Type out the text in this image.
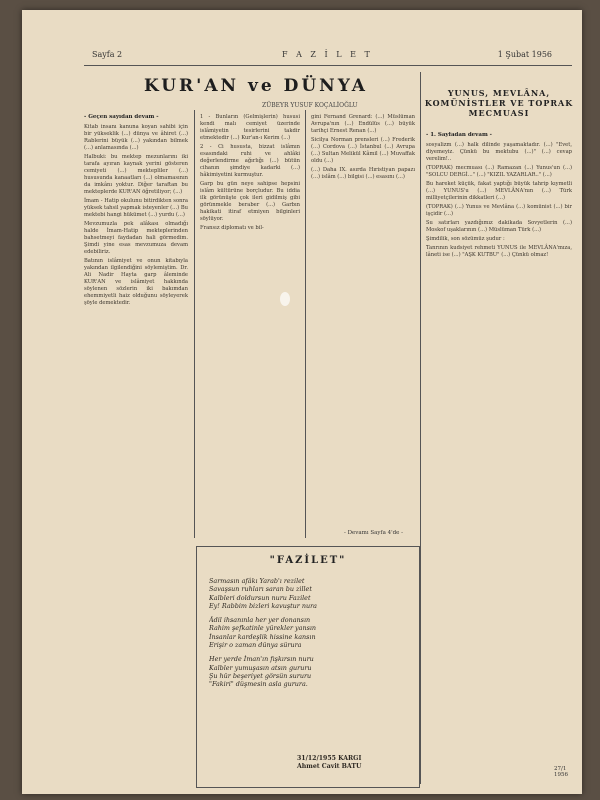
Sayfa 2	F A Z İ L E T	1 Şubat 1956
KUR'AN ve DÜNYA
ZÜBEYR YUSUF KOÇALİOĞLU
- Geçen sayıdan devam -

Kitab insanı kanuna koyan sahibi için bir yükseklik (...) dünya ve âhiret (...) Rablerini büyük (...) yakından bilmek (...) anlamasında (...)

Halbuki: bu mektep mezunlarını iki tarafa ayıran kaynak yerini gösteren cemiyeti (...) mektepliler (...) hususunda kanaatları (...) olmamasının da imkânı yoktur. Diğer taraftan bu mekteplerde KUR'AN öğretiliyor; (...)

İmam - Hatip okulunu bitirdikten sonra yüksek tahsil yapmak isteyenler (...) Bu mektebi hangi hükümet (...) yurdu (...)

Mevzumuzla pek alâkası olmadığı halde İmam-Hatip mekteplerinden bahsetmeyi faydadan hali görmedim. Şimdi yine esas mevzumuza devam edebiliriz.

Batının islâmiyet ve onun kitabıyla yakından ilgilendiğini söylemiştim. Dr. Ali Nadir Hayta garp âleminde KUR'AN ve islâmiyet hakkında söylenen sözlerin iki bakımdan ehemmiyetli haiz olduğunu söyleyerek şöyle demektedir.

1 - Bunların (Gelmişlerin) hususi kendi malı cemiyet üzerinde islâmiyetin tesirlerini takdir etmektedir (...) Kur'an-ı Kerim (...)

2 - Ci hususta, bizzat islâmın esasındaki ruhi ve ahlâki değerlendirme ağırlığı (...) bütün cihanın şimdiye kadarki (...) hâkimiyetini kurmuştur.

Garp bu gün neye sahipse hepsini islâm kültürüne borçludur. Bu iddia ilk görünüşte çok ileri gidilmiş gibi görünmekle beraber (...) Garbın hakikati itiraf etmiyen bilginleri söylüyor.

Fransız diplomatı ve bil-

gini Fernand Grenard: (...) Müslüman Avrupa'nın (...) Endülüs (...) büyük tarihçi Ernest Renan (...)

Sicilya Norman prensleri (...) Frederik (...) Cordova (...) İstanbul (...) Avrupa (...) Sultan Melikül Kâmil (...) Muvaffak oldu (...)

(...) Daha IX. asırda Hıristiyan papazı (...) islâm (...) bilgisi (...) esasını (...)

- Devamı Sayfa 4'de -
YUNUS, MEVLÂNA, KOMÜNİSTLER VE TOPRAK MECMUASI
- 1. Sayfadan devam -

sosyalizm (...) halk dilinde yaşamaktadır. (...) "Evet, diyemeyiz. Çünkü bu mektubu (...)" (...) cevap verelim!..

(TOPRAK) mecmuası (...) Ramazan (...) Yunus'un (...) "SOLCU DERGİ..." (...) "KIZIL YAZARLAR.." (...)

Bu hareket küçük, fakat yaptığı büyük tahrip kıymetli (...) YUNUS'u (...) MEVLÂNA'nın (...) Türk milliyetçilerinin dikkatleri (...)

(TOPRAK) (...) Yunus ve Mevlâna (...) komünist (...) bir işçidir (...)

Su satırları yazdığımız dakikada Sovyetlerin (...) Moskof uşaklarının (...) Müslüman Türk (...)

Şimdilik, son sözümüz şudur :

Tanrının kudsiyet rehmeti YUNUS ile MEVLÂNA'mıza, lâneti ise (...) "AŞK KUTBU" (...) Çünkü olmaz!

"FAZİLET"
Sarmasın afâkı Yarab'ı rezilet
Savaşsun ruhları saran bu zillet
Kalbleri doldursun nuru Fazilet
Ey! Rabbim bizleri kavuştur nura
Âdil ihsanınla her yer donansın
Rahim şefkatinle yürekler yansın
İnsanlar kardeşlik hissine kansın
Erişir o zaman dünya sürura
Her yerde İman'ın fışkırsın nuru
Kalbler yumuşasın atsın gururu
Şu hür beşeriyet görsün sururu
"Fakiri" düşmesin asla gurura.
31/12/1955 KARGI
Ahmet Cavit BATU	27/1 1956
